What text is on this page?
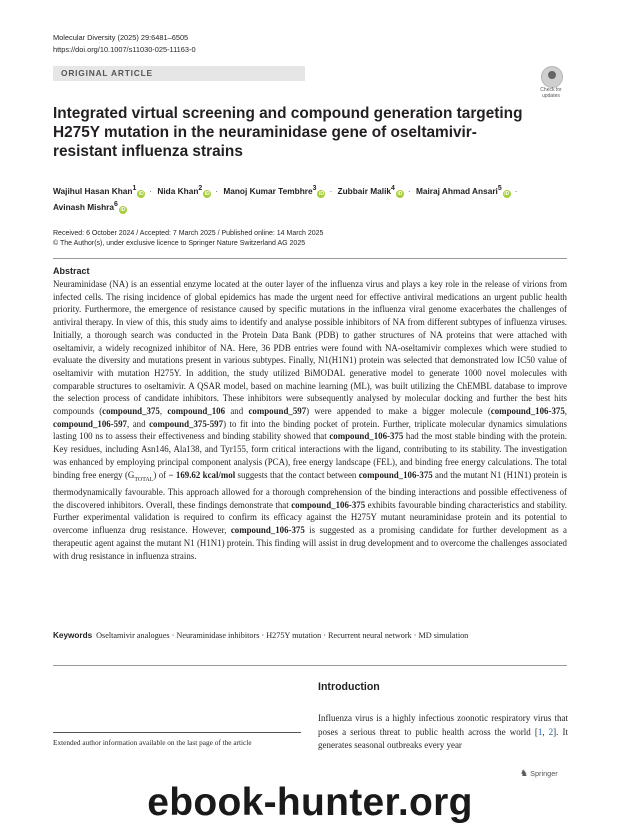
Molecular Diversity (2025) 29:6481–6505
https://doi.org/10.1007/s11030-025-11163-0
ORIGINAL ARTICLE
Check for
updates
Integrated virtual screening and compound generation targeting H275Y mutation in the neuraminidase gene of oseltamivir-resistant influenza strains
Wajihul Hasan Khan$^1$iD · Nida Khan$^2$iD · Manoj Kumar Tembhre$^3$iD · Zubbair Malik$^4$iD · Mairaj Ahmad Ansari$^5$iD ·
Avinash Mishra$^6$iD
Received: 6 October 2024 / Accepted: 7 March 2025 / Published online: 14 March 2025
© The Author(s), under exclusive licence to Springer Nature Switzerland AG 2025
Abstract
Neuraminidase (NA) is an essential enzyme located at the outer layer of the influenza virus and plays a key role in the release of virions from infected cells. The rising incidence of global epidemics has made the urgent need for effective antiviral medications an urgent public health priority. Furthermore, the emergence of resistance caused by specific mutations in the influenza viral genome exacerbates the challenges of antiviral therapy. In view of this, this study aims to identify and analyse possible inhibitors of NA from different subtypes of influenza viruses. Initially, a thorough search was conducted in the Protein Data Bank (PDB) to gather structures of NA proteins that were attached with oseltamivir, a widely recognized inhibitor of NA. Here, 36 PDB entries were found with NA-oseltamivir complexes which were studied to evaluate the diversity and mutations present in various subtypes. Finally, N1(H1N1) protein was selected that demonstrated low IC50 value of oseltamivir with mutation H275Y. In addition, the study utilized BiMODAL generative model to generate 1000 novel molecules with comparable structures to oseltamivir. A QSAR model, based on machine learning (ML), was built utilizing the ChEMBL database to improve the selection process of candidate inhibitors. These inhibitors were subsequently analysed by molecular docking and further the best hits compounds (compound_375, compound_106 and compound_597) were appended to make a bigger molecule (compound_106-375, compound_106-597, and compound_375-597) to fit into the binding pocket of protein. Further, triplicate molecular dynamics simulations lasting 100 ns to assess their effectiveness and binding stability showed that compound_106-375 had the most stable binding with the protein. Key residues, including Asn146, Ala138, and Tyr155, form critical interactions with the ligand, contributing to its stability. The investigation was enhanced by employing principal component analysis (PCA), free energy landscape (FEL), and binding free energy calculations. The total binding free energy $(G_{TOTAL})$ of − 169.62 kcal/mol suggests that the contact between compound_106-375 and the mutant N1 (H1N1) protein is thermodynamically favourable. This approach allowed for a thorough comprehension of the binding interactions and possible effectiveness of the discovered inhibitors. Overall, these findings demonstrate that compound_106-375 exhibits favourable binding characteristics and stability. Further experimental validation is required to confirm its efficacy against the H275Y mutant neuraminidase protein and its potential to overcome influenza drug resistance. However, compound_106-375 is suggested as a promising candidate for further development as a therapeutic agent against the mutant N1 (H1N1) protein. This finding will assist in drug development and to overcome the challenges associated with drug resistance in influenza strains.
Keywords Oseltamivir analogues · Neuraminidase inhibitors · H275Y mutation · Recurrent neural network · MD simulation
Introduction
Influenza virus is a highly infectious zoonotic respiratory virus that poses a serious threat to public health across the world [1, 2]. It generates seasonal outbreaks every year
Extended author information available on the last page of the article
♞ Springer
ebook-hunter.org
